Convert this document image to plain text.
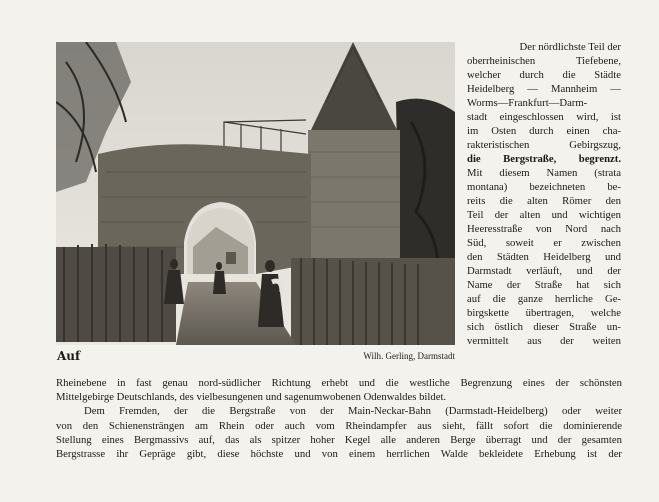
Auf	Wilh. Gerling, Darmstadt
Der nördlichste Teil der
oberrheinischen Tiefebene,
welcher durch die Städte
Heidelberg — Mannheim —
Worms—Frankfurt—Darm-
stadt eingeschlossen wird, ist
im Osten durch einen cha-
rakteristischen Gebirgszug,
die Bergstraße, begrenzt.
Mit diesem Namen (strata
montana) bezeichneten be-
reits die alten Römer den
Teil der alten und wichtigen
Heeresstraße von Nord nach
Süd, soweit er zwischen
den Städten Heidelberg und
Darmstadt verläuft, und der
Name der Straße hat sich
auf die ganze herrliche Ge-
birgskette übertragen, welche
sich östlich dieser Straße un-
vermittelt aus der weiten
Rheinebene in fast genau nord-südlicher Richtung erhebt und die westliche Begrenzung eines der schönsten
Mittelgebirge Deutschlands, des vielbesungenen und sagenumwobenen Odenwaldes bildet.
Dem Fremden, der die Bergstraße von der Main-Neckar-Bahn (Darmstadt-Heidelberg) oder weiter
von den Schienensträngen am Rhein oder auch vom Rheindampfer aus sieht, fällt sofort die dominierende
Stellung eines Bergmassivs auf, das als spitzer hoher Kegel alle anderen Berge überragt und der gesamten
Bergstrasse ihr Gepräge gibt, diese höchste und von einem herrlichen Walde bekleidete Erhebung ist der
